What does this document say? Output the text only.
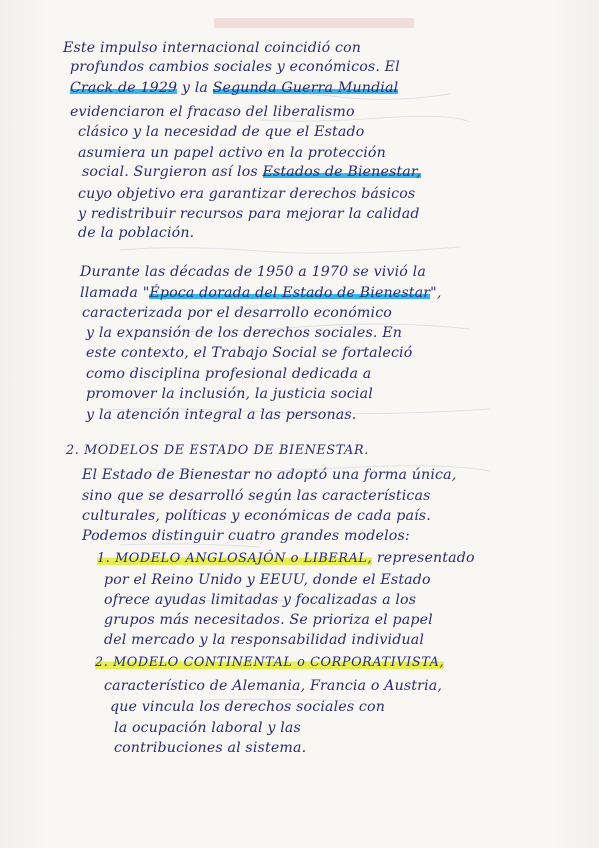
Este impulso internacional coincidió con
profundos cambios sociales y económicos. El
Crack de 1929 y la Segunda Guerra Mundial
evidenciaron el fracaso del liberalismo
clásico y la necesidad de que el Estado
asumiera un papel activo en la protección
social. Surgieron así los Estados de Bienestar,
cuyo objetivo era garantizar derechos básicos
y redistribuir recursos para mejorar la calidad
de la población.
Durante las décadas de 1950 a 1970 se vivió la
llamada "Época dorada del Estado de Bienestar",
caracterizada por el desarrollo económico
y la expansión de los derechos sociales. En
este contexto, el Trabajo Social se fortaleció
como disciplina profesional dedicada a
promover la inclusión, la justicia social
y la atención integral a las personas.
2. MODELOS DE ESTADO DE BIENESTAR.
El Estado de Bienestar no adoptó una forma única,
sino que se desarrolló según las características
culturales, políticas y económicas de cada país.
Podemos distinguir cuatro grandes modelos:
1. MODELO ANGLOSAJÓN o LIBERAL, representado
por el Reino Unido y EEUU, donde el Estado
ofrece ayudas limitadas y focalizadas a los
grupos más necesitados. Se prioriza el papel
del mercado y la responsabilidad individual
2. MODELO CONTINENTAL o CORPORATIVISTA,
característico de Alemania, Francia o Austria,
que vincula los derechos sociales con
la ocupación laboral y las
contribuciones al sistema.
